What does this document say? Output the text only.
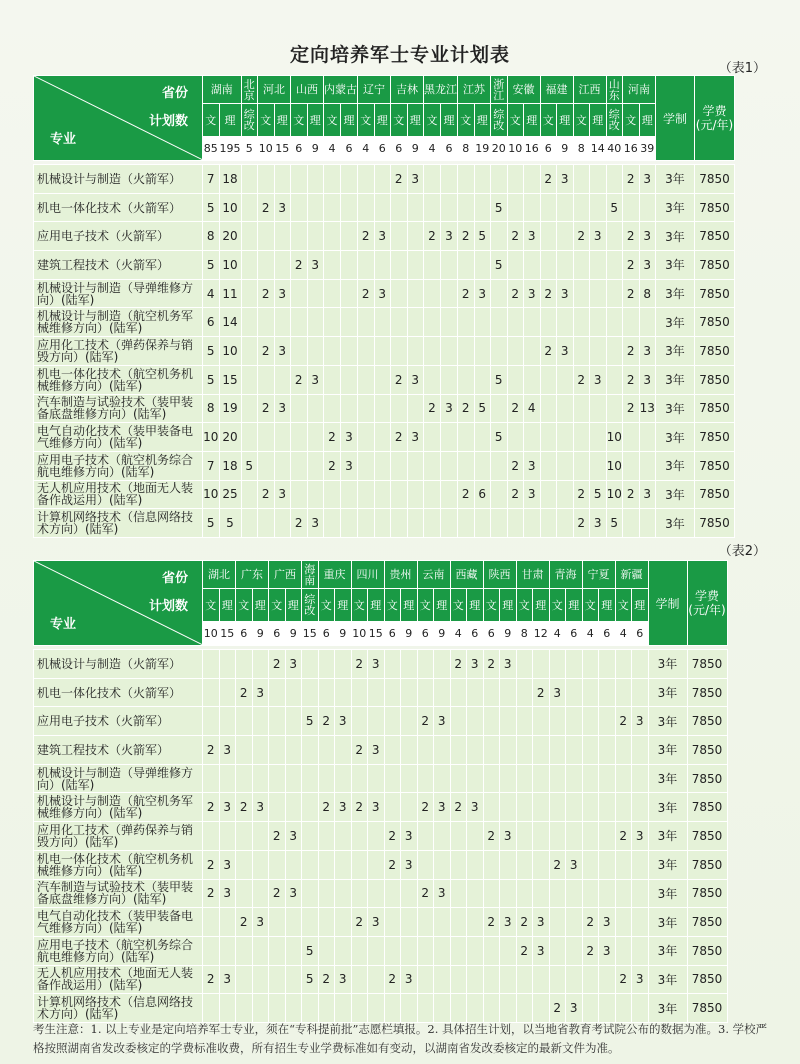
定向培养军士专业计划表
（表1）
省份
计划数
专业	湖南		北京	河北		山西		内蒙古		辽宁		吉林		黑龙江		江苏		浙江	安徽		福建		江西		山东	河南		学制	学费(元/年)
	文	理	综改	文	理	文	理	文	理	文	理	文	理	文	理	文	理	综改	文	理	文	理	文	理	综改	文	理		
	85	195	5	10	15	6	9	4	6	4	6	6	9	4	6	8	19	20	10	16	6	9	8	14	40	16	39		

机械设计与制造（火箭军）	7	18										2	3								2	3				2	3	3年	7850
机电一体化技术（火箭军）	5	10		2	3													5							5			3年	7850
应用电子技术（火箭军）	8	20								2	3			2	3	2	5		2	3			2	3		2	3	3年	7850
建筑工程技术（火箭军）	5	10				2	3											5								2	3	3年	7850
机械设计与制造（导弹维修方向）(陆军)	4	11		2	3					2	3					2	3		2	3	2	3				2	8	3年	7850
机械设计与制造（航空机务军械维修方向）(陆军)	6	14																										3年	7850
应用化工技术（弹药保养与销毁方向）(陆军)	5	10		2	3																2	3				2	3	3年	7850
机电一体化技术（航空机务机械维修方向）(陆军)	5	15				2	3					2	3					5					2	3		2	3	3年	7850
汽车制造与试验技术（装甲装备底盘维修方向）(陆军)	8	19		2	3									2	3	2	5		2	4						2	13	3年	7850
电气自动化技术（装甲装备电气维修方向）(陆军)	10	20						2	3			2	3					5							10			3年	7850
应用电子技术（航空机务综合航电维修方向）(陆军)	7	18	5					2	3										2	3					10			3年	7850
无人机应用技术（地面无人装备作战运用）(陆军)	10	25		2	3											2	6		2	3			2	5	10	2	3	3年	7850
计算机网络技术（信息网络技术方向）(陆军)	5	5				2	3																2	3	5			3年	7850
（表2）
省份
计划数
专业	湖北		广东		广西		海南	重庆		四川		贵州		云南		西藏		陕西		甘肃		青海		宁夏		新疆		学制	学费(元/年)
	文	理	文	理	文	理	综改	文	理	文	理	文	理	文	理	文	理	文	理	文	理	文	理	文	理	文	理		
	10	15	6	9	6	9	15	6	9	10	15	6	9	6	9	4	6	6	9	8	12	4	6	4	6	4	6		

机械设计与制造（火箭军）					2	3				2	3					2	3	2	3									3年	7850
机电一体化技术（火箭军）			2	3																	2	3						3年	7850
应用电子技术（火箭军）							5	2	3					2	3											2	3	3年	7850
建筑工程技术（火箭军）	2	3								2	3																	3年	7850
机械设计与制造（导弹维修方向）(陆军)																												3年	7850
机械设计与制造（航空机务军械维修方向）(陆军)	2	3	2	3				2	3	2	3			2	3	2	3											3年	7850
应用化工技术（弹药保养与销毁方向）(陆军)					2	3						2	3					2	3							2	3	3年	7850
机电一体化技术（航空机务机械维修方向）(陆军)	2	3										2	3									2	3					3年	7850
汽车制造与试验技术（装甲装备底盘维修方向）(陆军)	2	3			2	3								2	3													3年	7850
电气自动化技术（装甲装备电气维修方向）(陆军)			2	3						2	3							2	3	2	3			2	3			3年	7850
应用电子技术（航空机务综合航电维修方向）(陆军)							5													2	3			2	3			3年	7850
无人机应用技术（地面无人装备作战运用）(陆军)	2	3					5	2	3			2	3													2	3	3年	7850
计算机网络技术（信息网络技术方向）(陆军)																						2	3					3年	7850
考生注意：1. 以上专业是定向培养军士专业，须在“专科提前批”志愿栏填报。2. 具体招生计划，以当地省教育考试院公布的数据为准。3. 学校严格按照湖南省发改委核定的学费标准收费，所有招生专业学费标准如有变动，以湖南省发改委核定的最新文件为准。
